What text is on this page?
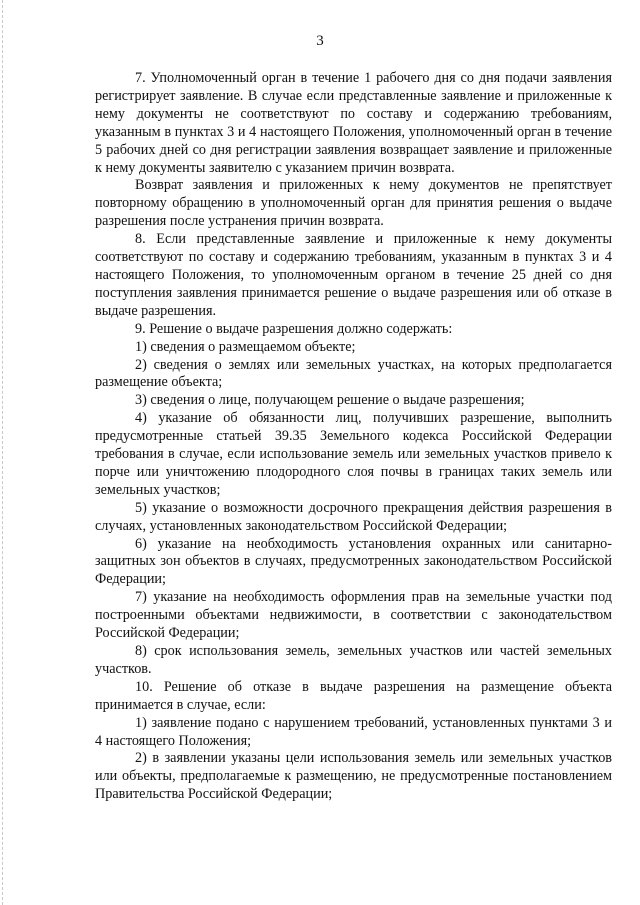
3

7. Уполномоченный орган в течение 1 рабочего дня со дня подачи заявления регистрирует заявление. В случае если представленные заявление и приложенные к нему документы не соответствуют по составу и содержанию требованиям, указанным в пунктах 3 и 4 настоящего Положения, уполномоченный орган в течение 5 рабочих дней со дня регистрации заявления возвращает заявление и приложенные к нему документы заявителю с указанием причин возврата.

Возврат заявления и приложенных к нему документов не препятствует повторному обращению в уполномоченный орган для принятия решения о выдаче разрешения после устранения причин возврата.

8. Если представленные заявление и приложенные к нему документы соответствуют по составу и содержанию требованиям, указанным в пунктах 3 и 4 настоящего Положения, то уполномоченным органом в течение 25 дней со дня поступления заявления принимается решение о выдаче разрешения или об отказе в выдаче разрешения.

9. Решение о выдаче разрешения должно содержать:

1) сведения о размещаемом объекте;

2) сведения о землях или земельных участках, на которых предполагается размещение объекта;

3) сведения о лице, получающем решение о выдаче разрешения;

4) указание об обязанности лиц, получивших разрешение, выполнить предусмотренные статьей 39.35 Земельного кодекса Российской Федерации требования в случае, если использование земель или земельных участков привело к порче или уничтожению плодородного слоя почвы в границах таких земель или земельных участков;

5) указание о возможности досрочного прекращения действия разрешения в случаях, установленных законодательством Российской Федерации;

6) указание на необходимость установления охранных или санитарно-защитных зон объектов в случаях, предусмотренных законодательством Российской Федерации;

7) указание на необходимость оформления прав на земельные участки под построенными объектами недвижимости, в соответствии с законодательством Российской Федерации;

8) срок использования земель, земельных участков или частей земельных участков.

10. Решение об отказе в выдаче разрешения на размещение объекта принимается в случае, если:

1) заявление подано с нарушением требований, установленных пунктами 3 и 4 настоящего Положения;

2) в заявлении указаны цели использования земель или земельных участков или объекты, предполагаемые к размещению, не предусмотренные постановлением Правительства Российской Федерации;
